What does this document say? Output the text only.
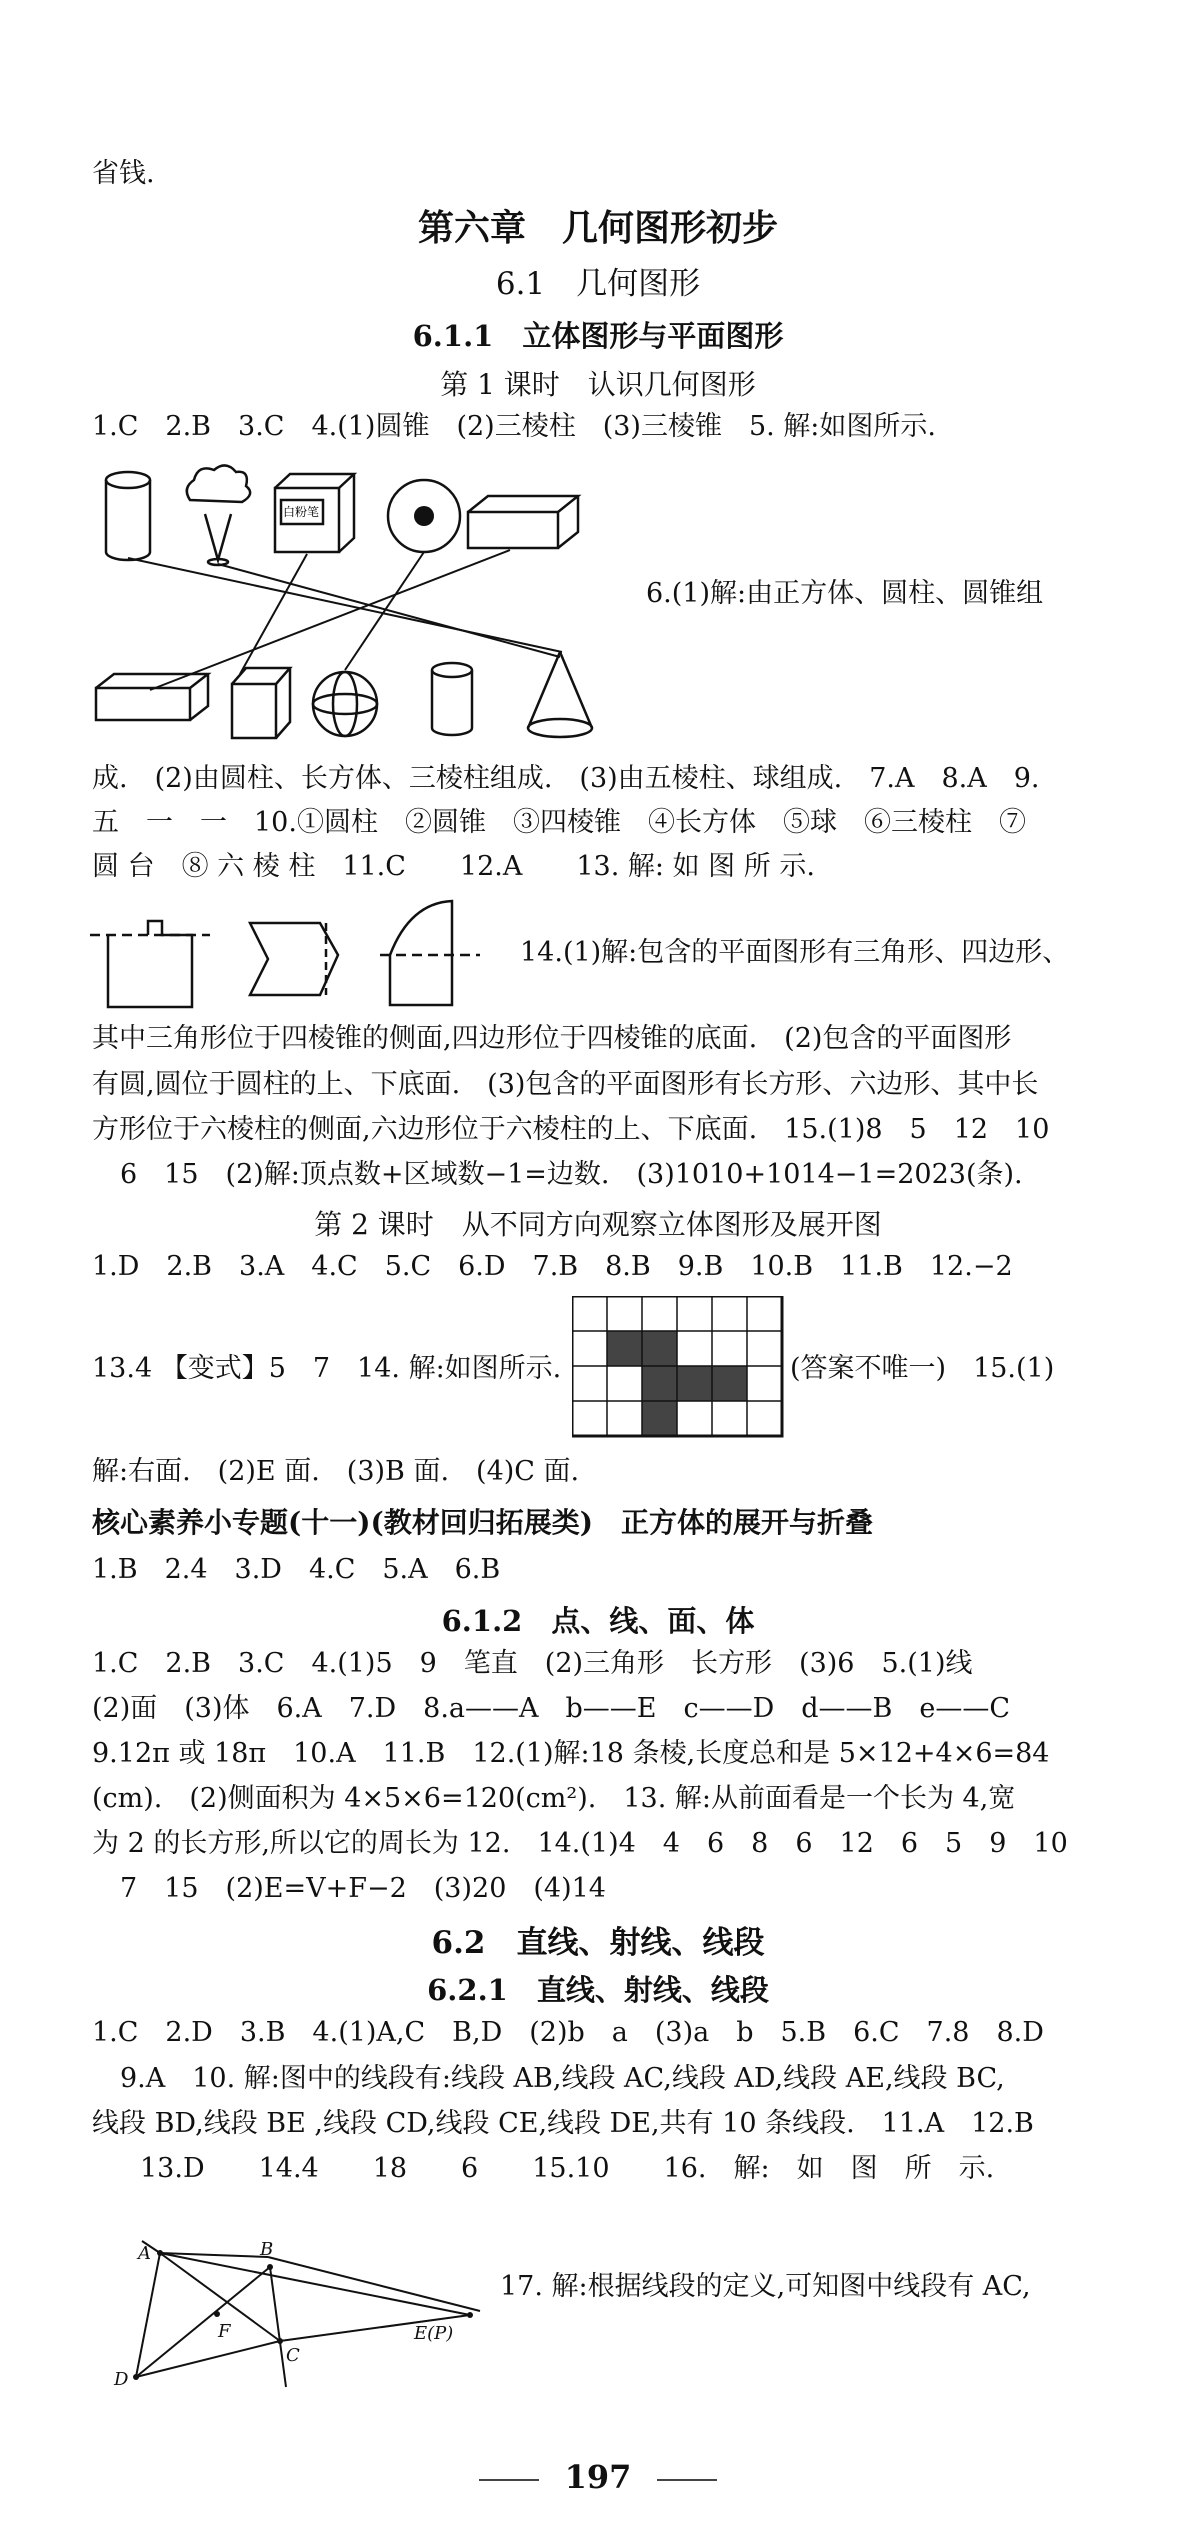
省钱.
第六章　几何图形初步
6.1　几何图形
6.1.1　立体图形与平面图形
第 1 课时　认识几何图形
1.C　2.B　3.C　4.(1)圆锥　(2)三棱柱　(3)三棱锥　5. 解:如图所示.
白粉笔
6.(1)解:由正方体、圆柱、圆锥组
成.　(2)由圆柱、长方体、三棱柱组成.　(3)由五棱柱、球组成.　7.A　8.A　9.
五　一　一　10.①圆柱　②圆锥　③四棱锥　④长方体　⑤球　⑥三棱柱　⑦
圆 台　⑧ 六 棱 柱　11.C　　12.A　　13. 解: 如 图 所 示.
14.(1)解:包含的平面图形有三角形、四边形、
其中三角形位于四棱锥的侧面,四边形位于四棱锥的底面.　(2)包含的平面图形
有圆,圆位于圆柱的上、下底面.　(3)包含的平面图形有长方形、六边形、其中长
方形位于六棱柱的侧面,六边形位于六棱柱的上、下底面.　15.(1)8　5　12　10
6　15　(2)解:顶点数+区域数−1=边数.　(3)1010+1014−1=2023(条).
第 2 课时　从不同方向观察立体图形及展开图
1.D　2.B　3.A　4.C　5.C　6.D　7.B　8.B　9.B　10.B　11.B　12.−2
13.4 【变式】5　7　14. 解:如图所示.	(答案不唯一)　15.(1)
解:右面.　(2)E 面.　(3)B 面.　(4)C 面.
核心素养小专题(十一)(教材回归拓展类)　正方体的展开与折叠
1.B　2.4　3.D　4.C　5.A　6.B
6.1.2　点、线、面、体
1.C　2.B　3.C　4.(1)5　9　笔直　(2)三角形　长方形　(3)6　5.(1)线
(2)面　(3)体　6.A　7.D　8.a——A　b——E　c——D　d——B　e——C
9.12π 或 18π　10.A　11.B　12.(1)解:18 条棱,长度总和是 5×12+4×6=84
(cm).　(2)侧面积为 4×5×6=120(cm²).　13. 解:从前面看是一个长为 4,宽
为 2 的长方形,所以它的周长为 12.　14.(1)4　4　6　8　6　12　6　5　9　10
7　15　(2)E=V+F−2　(3)20　(4)14
6.2　直线、射线、线段
6.2.1　直线、射线、线段
1.C　2.D　3.B　4.(1)A,C　B,D　(2)b　a　(3)a　b　5.B　6.C　7.8　8.D
9.A　10. 解:图中的线段有:线段 AB,线段 AC,线段 AD,线段 AE,线段 BC,
线段 BD,线段 BE ,线段 CD,线段 CE,线段 DE,共有 10 条线段.　11.A　12.B
13.D　　14.4　　18　　6　　15.10　　16.　解:　如　图　所　示.
A	B
C
D
E(P)
F
17. 解:根据线段的定义,可知图中线段有 AC,
197
